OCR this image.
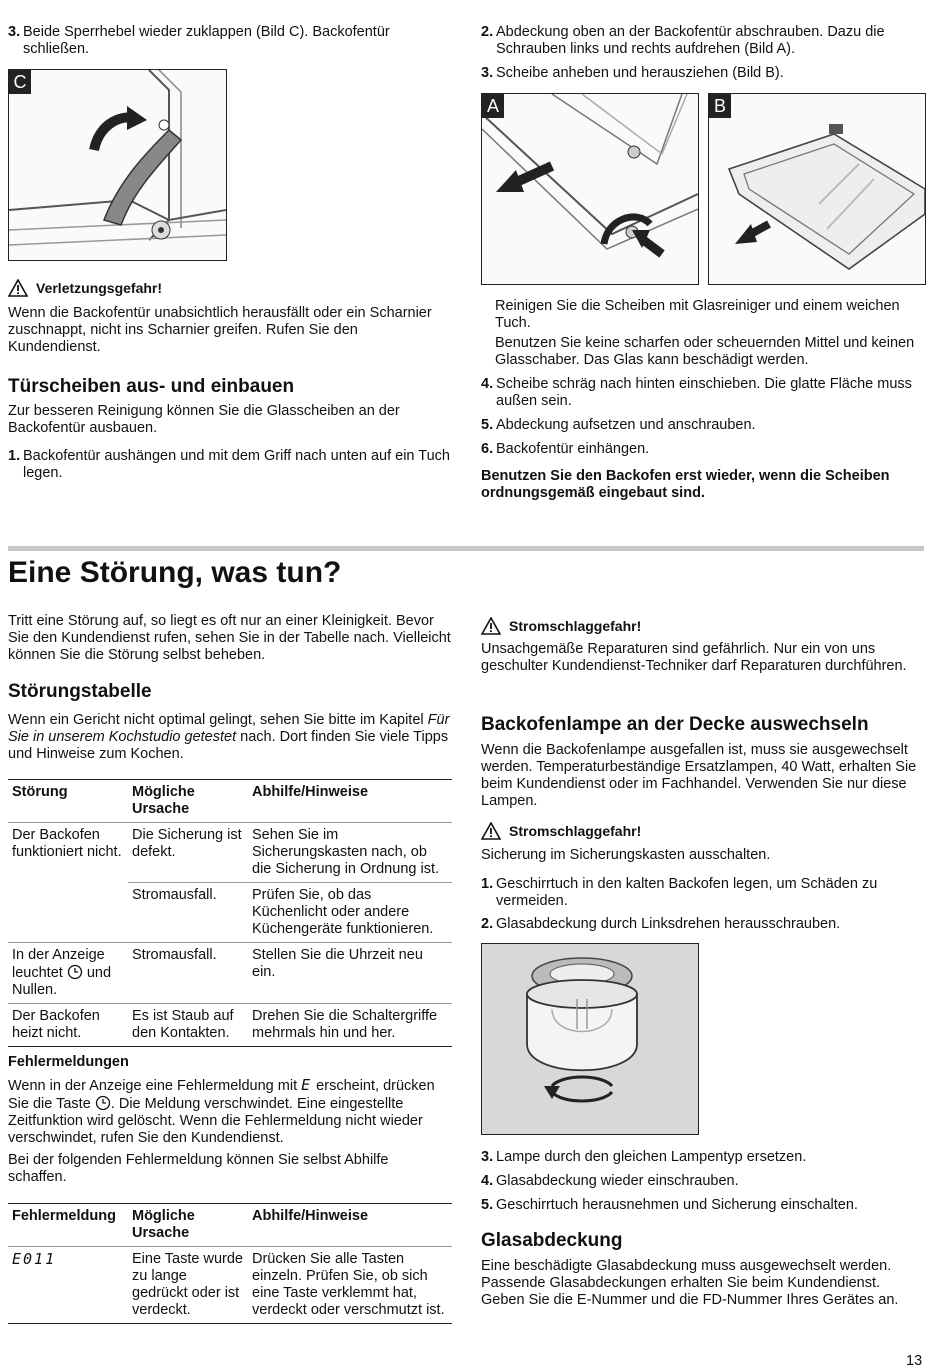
3. Beide Sperrhebel wieder zuklappen (Bild C). Backofentür schließen.
C
Verletzungsgefahr!

Wenn die Backofentür unabsichtlich herausfällt oder ein Scharnier zuschnappt, nicht ins Scharnier greifen. Rufen Sie den Kundendienst.

Türscheiben aus- und einbauen

Zur besseren Reinigung können Sie die Glasscheiben an der Backofentür ausbauen.

1. Backofentür aushängen und mit dem Griff nach unten auf ein Tuch legen.
2. Abdeckung oben an der Backofentür abschrauben. Dazu die Schrauben links und rechts aufdrehen (Bild A).
3. Scheibe anheben und herausziehen (Bild B).
A	B

Reinigen Sie die Scheiben mit Glasreiniger und einem weichen Tuch.

Benutzen Sie keine scharfen oder scheuernden Mittel und keinen Glasschaber. Das Glas kann beschädigt werden.

4. Scheibe schräg nach hinten einschieben. Die glatte Fläche muss außen sein.
5. Abdeckung aufsetzen und anschrauben.
6. Backofentür einhängen.

Benutzen Sie den Backofen erst wieder, wenn die Scheiben ordnungsgemäß eingebaut sind.

Eine Störung, was tun?

Tritt eine Störung auf, so liegt es oft nur an einer Kleinigkeit. Bevor Sie den Kundendienst rufen, sehen Sie in der Tabelle nach. Vielleicht können Sie die Störung selbst beheben.

Störungstabelle

Wenn ein Gericht nicht optimal gelingt, sehen Sie bitte im Kapitel Für Sie in unserem Kochstudio getestet nach. Dort finden Sie viele Tipps und Hinweise zum Kochen.

Störung	Mögliche Ursache	Abhilfe/Hinweise
Der Backofen funktioniert nicht.	Die Sicherung ist defekt.	Sehen Sie im Sicherungskasten nach, ob die Sicherung in Ordnung ist.
	Stromausfall.	Prüfen Sie, ob das Küchenlicht oder andere Küchengeräte funktionieren.
In der Anzeige leuchtet  und Nullen.	Stromausfall.	Stellen Sie die Uhrzeit neu ein.
Der Backofen heizt nicht.	Es ist Staub auf den Kontakten.	Drehen Sie die Schaltergriffe mehrmals hin und her.
Fehlermeldungen

Wenn in der Anzeige eine Fehlermeldung mit E erscheint, drücken Sie die Taste . Die Meldung verschwindet. Eine eingestellte Zeitfunktion wird gelöscht. Wenn die Fehlermeldung nicht wieder verschwindet, rufen Sie den Kundendienst.

Bei der folgenden Fehlermeldung können Sie selbst Abhilfe schaffen.

Fehlermeldung	Mögliche Ursache	Abhilfe/Hinweise
E011	Eine Taste wurde zu lange gedrückt oder ist verdeckt.	Drücken Sie alle Tasten einzeln. Prüfen Sie, ob sich eine Taste verklemmt hat, verdeckt oder verschmutzt ist.
Stromschlaggefahr!

Unsachgemäße Reparaturen sind gefährlich. Nur ein von uns geschulter Kundendienst-Techniker darf Reparaturen durchführen.

Backofenlampe an der Decke auswechseln

Wenn die Backofenlampe ausgefallen ist, muss sie ausgewechselt werden. Temperaturbeständige Ersatzlampen, 40 Watt, erhalten Sie beim Kundendienst oder im Fachhandel. Verwenden Sie nur diese Lampen.

Stromschlaggefahr!

Sicherung im Sicherungskasten ausschalten.

1. Geschirrtuch in den kalten Backofen legen, um Schäden zu vermeiden.
2. Glasabdeckung durch Linksdrehen herausschrauben.
3. Lampe durch den gleichen Lampentyp ersetzen.
4. Glasabdeckung wieder einschrauben.
5. Geschirrtuch herausnehmen und Sicherung einschalten.
Glasabdeckung

Eine beschädigte Glasabdeckung muss ausgewechselt werden. Passende Glasabdeckungen erhalten Sie beim Kundendienst. Geben Sie die E-Nummer und die FD-Nummer Ihres Gerätes an.

13
